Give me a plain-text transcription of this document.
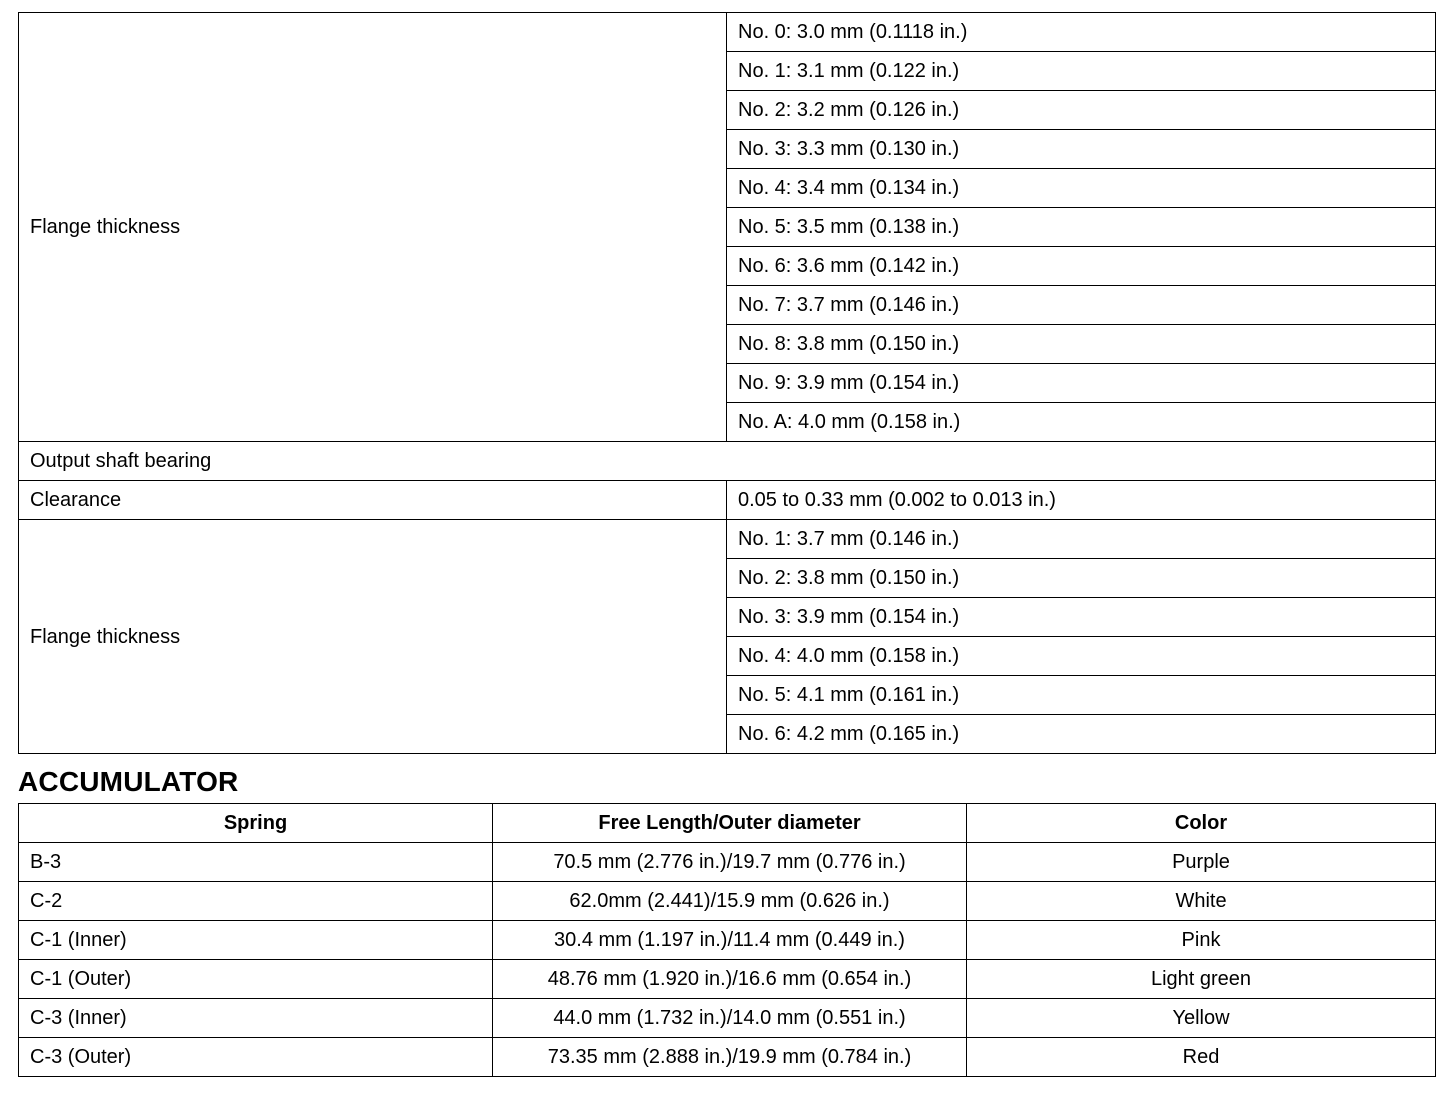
Flange thickness	No. 0: 3.0 mm (0.1118 in.)
	No. 1: 3.1 mm (0.122 in.)
	No. 2: 3.2 mm (0.126 in.)
	No. 3: 3.3 mm (0.130 in.)
	No. 4: 3.4 mm (0.134 in.)
	No. 5: 3.5 mm (0.138 in.)
	No. 6: 3.6 mm (0.142 in.)
	No. 7: 3.7 mm (0.146 in.)
	No. 8: 3.8 mm (0.150 in.)
	No. 9: 3.9 mm (0.154 in.)
	No. A: 4.0 mm (0.158 in.)
Output shaft bearing	
Clearance	0.05 to 0.33 mm (0.002 to 0.013 in.)
Flange thickness	No. 1: 3.7 mm (0.146 in.)
	No. 2: 3.8 mm (0.150 in.)
	No. 3: 3.9 mm (0.154 in.)
	No. 4: 4.0 mm (0.158 in.)
	No. 5: 4.1 mm (0.161 in.)
	No. 6: 4.2 mm (0.165 in.)
ACCUMULATOR
Spring	Free Length/Outer diameter	Color
B-3	70.5 mm (2.776 in.)/19.7 mm (0.776 in.)	Purple
C-2	62.0mm (2.441)/15.9 mm (0.626 in.)	White
C-1 (Inner)	30.4 mm (1.197 in.)/11.4 mm (0.449 in.)	Pink
C-1 (Outer)	48.76 mm (1.920 in.)/16.6 mm (0.654 in.)	Light green
C-3 (Inner)	44.0 mm (1.732 in.)/14.0 mm (0.551 in.)	Yellow
C-3 (Outer)	73.35 mm (2.888 in.)/19.9 mm (0.784 in.)	Red
